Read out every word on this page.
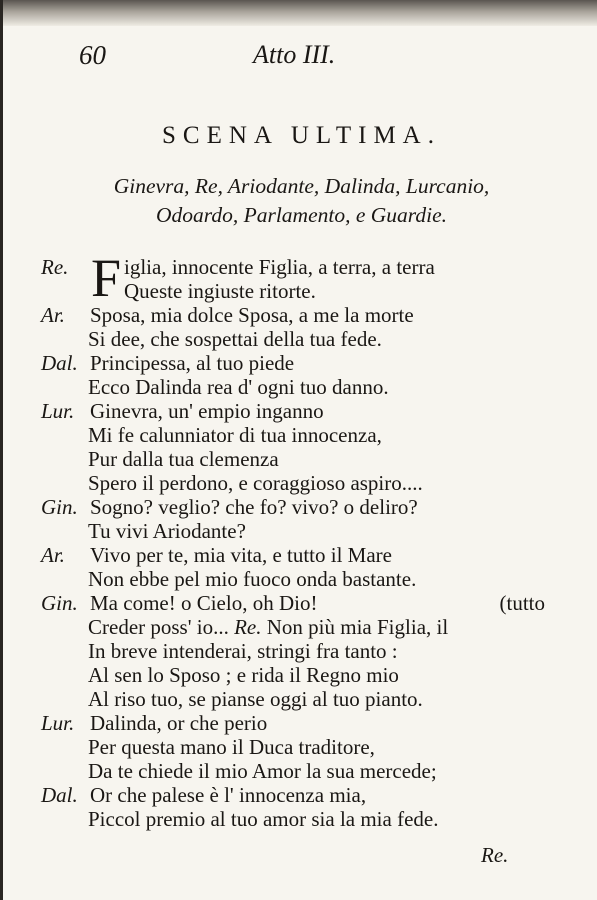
60	Atto III.
SCENA ULTIMA.
Ginevra, Re, Ariodante, Dalinda, Lurcanio,
Odoardo, Parlamento, e Guardie.
F
Re.	iglia, innocente Figlia, a terra, a terra
Queste ingiuste ritorte.
Ar. Sposa, mia dolce Sposa, a me la morte
Si dee, che sospettai della tua fede.
Dal. Principessa, al tuo piede
Ecco Dalinda rea d' ogni tuo danno.
Lur. Ginevra, un' empio inganno
Mi fe calunniator di tua innocenza,
Pur dalla tua clemenza
Spero il perdono, e coraggioso aspiro....
Gin. Sogno? veglio? che fo? vivo? o deliro?
Tu vivi Ariodante?
Ar. Vivo per te, mia vita, e tutto il Mare
Non ebbe pel mio fuoco onda bastante.
Gin. Ma come! o Cielo, oh Dio!	(tutto
Creder poss' io... Re. Non più mia Figlia, il
In breve intenderai, stringi fra tanto :
Al sen lo Sposo ; e rida il Regno mio
Al riso tuo, se pianse oggi al tuo pianto.
Lur. Dalinda, or che perio
Per questa mano il Duca traditore,
Da te chiede il mio Amor la sua mercede;
Dal. Or che palese è l' innocenza mia,
Piccol premio al tuo amor sia la mia fede.
Re.
